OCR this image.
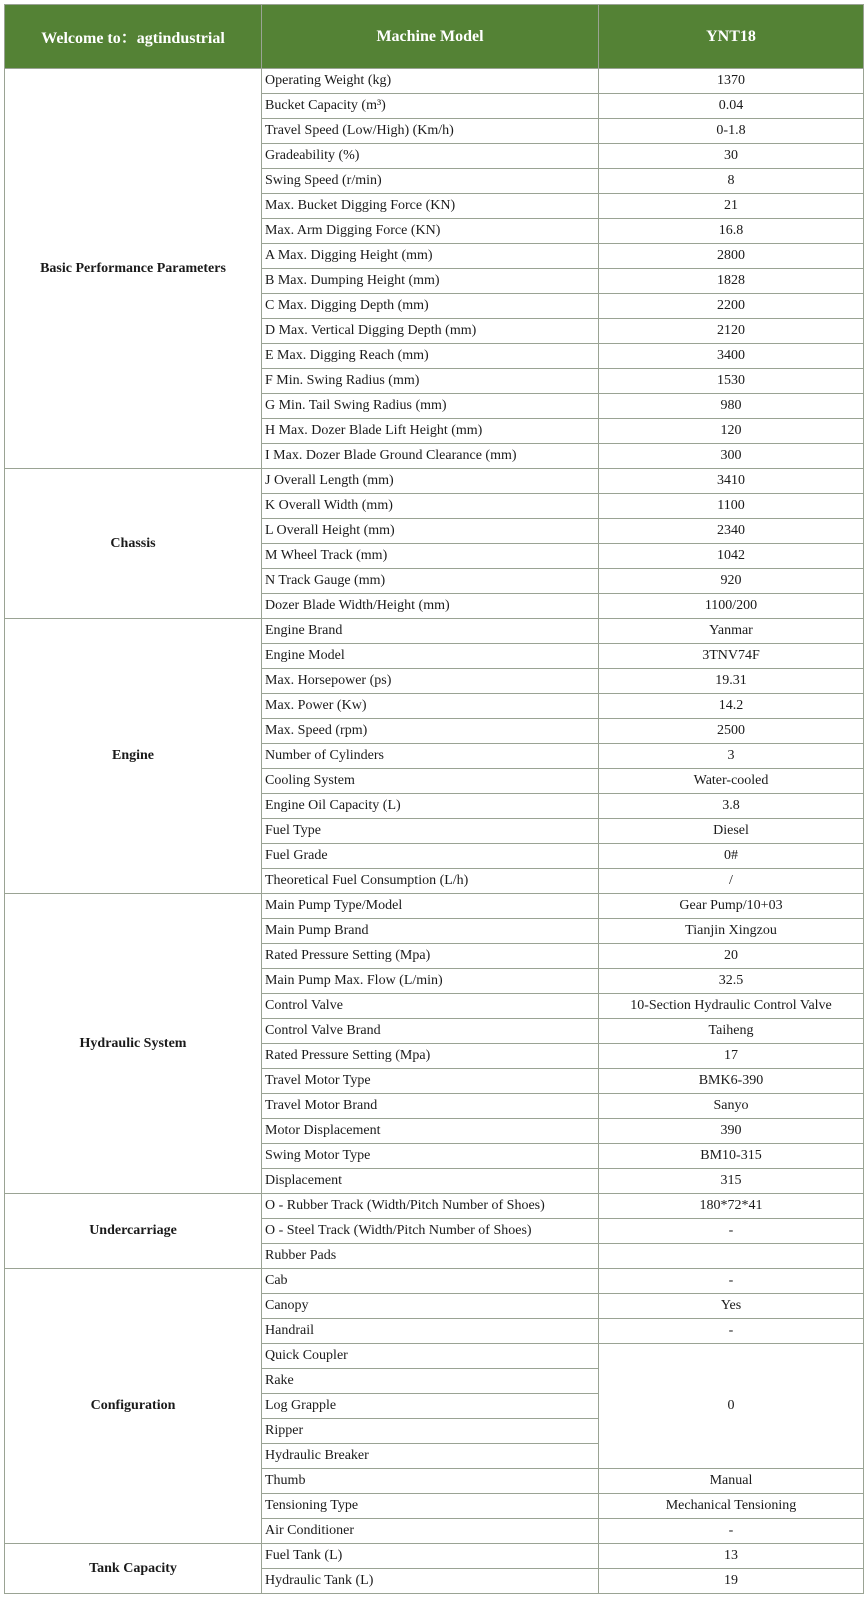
Welcome to：agtindustrial	Machine Model	YNT18
Basic Performance Parameters	Operating Weight (kg)	1370
	Bucket Capacity (m³)	0.04
	Travel Speed (Low/High) (Km/h)	0-1.8
	Gradeability (%)	30
	Swing Speed (r/min)	8
	Max. Bucket Digging Force (KN)	21
	Max. Arm Digging Force (KN)	16.8
	A Max. Digging Height (mm)	2800
	B Max. Dumping Height (mm)	1828
	C Max. Digging Depth (mm)	2200
	D Max. Vertical Digging Depth (mm)	2120
	E Max. Digging Reach (mm)	3400
	F Min. Swing Radius (mm)	1530
	G Min. Tail Swing Radius (mm)	980
	H Max. Dozer Blade Lift Height (mm)	120
	I Max. Dozer Blade Ground Clearance (mm)	300
Chassis	J Overall Length (mm)	3410
	K Overall Width (mm)	1100
	L Overall Height (mm)	2340
	M Wheel Track (mm)	1042
	N Track Gauge (mm)	920
	Dozer Blade Width/Height (mm)	1100/200
Engine	Engine Brand	Yanmar
	Engine Model	3TNV74F
	Max. Horsepower (ps)	19.31
	Max. Power (Kw)	14.2
	Max. Speed (rpm)	2500
	Number of Cylinders	3
	Cooling System	Water-cooled
	Engine Oil Capacity (L)	3.8
	Fuel Type	Diesel
	Fuel Grade	0#
	Theoretical Fuel Consumption (L/h)	/
Hydraulic System	Main Pump Type/Model	Gear Pump/10+03
	Main Pump Brand	Tianjin Xingzou
	Rated Pressure Setting (Mpa)	20
	Main Pump Max. Flow (L/min)	32.5
	Control Valve	10-Section Hydraulic Control Valve
	Control Valve Brand	Taiheng
	Rated Pressure Setting (Mpa)	17
	Travel Motor Type	BMK6-390
	Travel Motor Brand	Sanyo
	Motor Displacement	390
	Swing Motor Type	BM10-315
	Displacement	315
Undercarriage	O - Rubber Track (Width/Pitch Number of Shoes)	180*72*41
	O - Steel Track (Width/Pitch Number of Shoes)	-
	Rubber Pads	
Configuration	Cab	-
	Canopy	Yes
	Handrail	-
	Quick Coupler	0
	Rake	
	Log Grapple	
	Ripper	
	Hydraulic Breaker	
	Thumb	Manual
	Tensioning Type	Mechanical Tensioning
	Air Conditioner	-
Tank Capacity	Fuel Tank (L)	13
	Hydraulic Tank (L)	19
